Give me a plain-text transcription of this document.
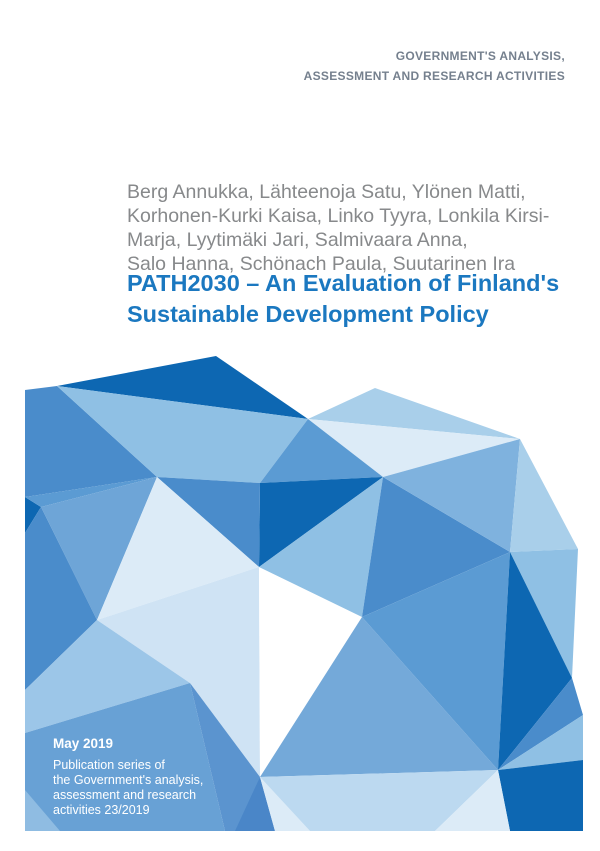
GOVERNMENT'S ANALYSIS,
ASSESSMENT AND RESEARCH ACTIVITIES
Berg Annukka, Lähteenoja Satu, Ylönen Matti,
Korhonen-Kurki Kaisa, Linko Tyyra, Lonkila Kirsi-
Marja, Lyytimäki Jari, Salmivaara Anna,
Salo Hanna, Schönach Paula, Suutarinen Ira
PATH2030 – An Evaluation of Finland's
Sustainable Development Policy
May 2019
Publication series of
the Government's analysis,
assessment and research
activities 23/2019
